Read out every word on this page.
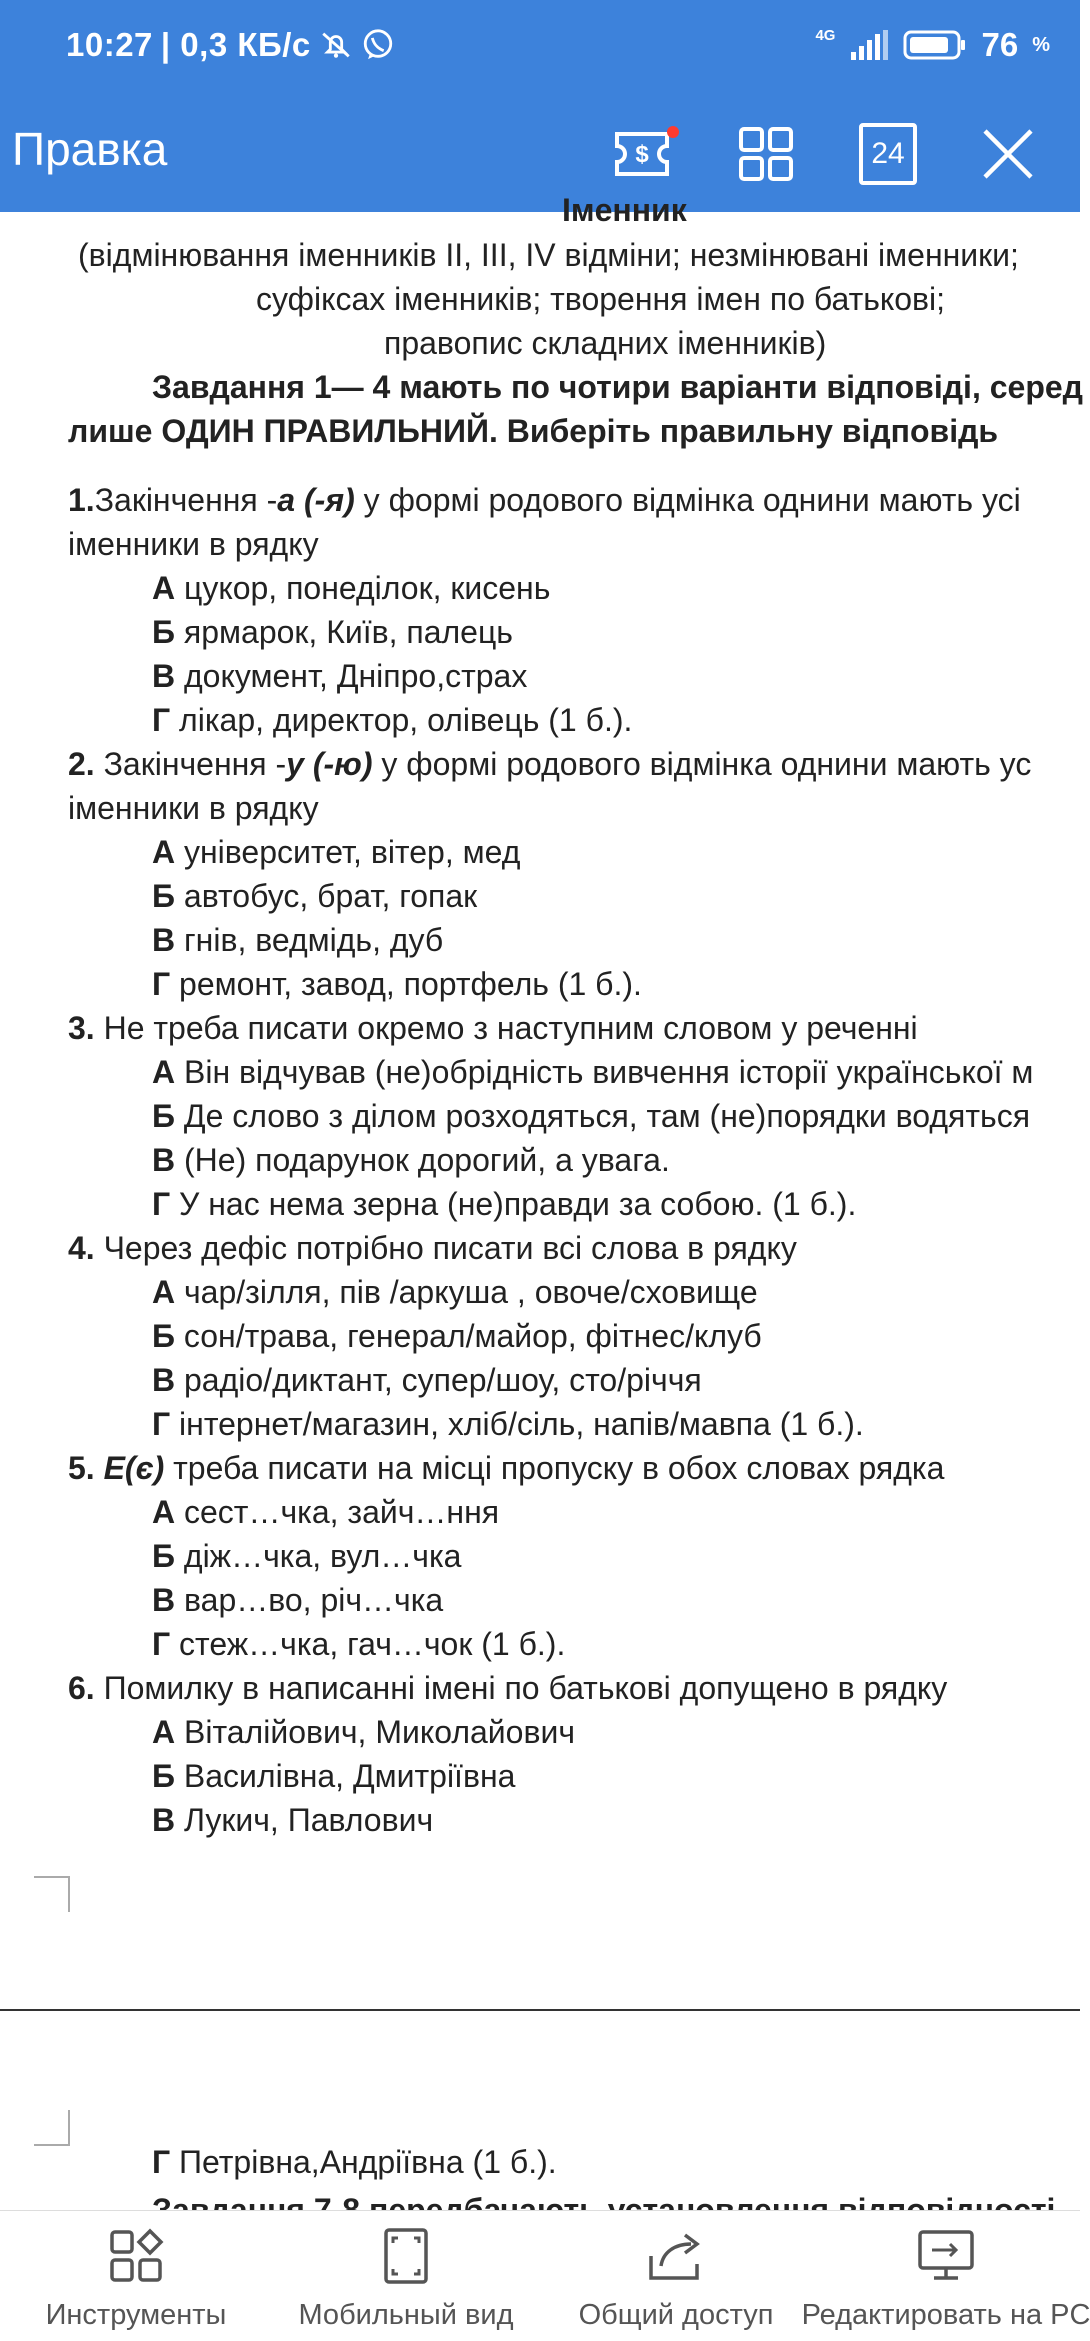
10:27 | 0,3 КБ/с	4G	76 %
Правка	$	24
Іменник
(відмінювання іменників ІІ, ІІІ, IV відміни; незмінювані іменники;
суфіксах іменників; творення імен по батькові;
правопис складних іменників)
Завдання 1— 4 мають по чотири варіанти відповіді, серед
лише ОДИН ПРАВИЛЬНИЙ. Виберіть правильну відповідь
1.Закінчення -а (-я) у формі родового відмінка однини мають усі
іменники в рядку
А цукор, понеділок, кисень
Б ярмарок, Київ, палець
В документ, Дніпро,страх
Г лікар, директор, олівець (1 б.).
2. Закінчення -у (-ю) у формі родового відмінка однини мають ус
іменники в рядку
А університет, вітер, мед
Б автобус, брат, гопак
В гнів, ведмідь, дуб
Г ремонт, завод, портфель (1 б.).
3. Не треба писати окремо з наступним словом у реченні
А Він відчував (не)обрідність вивчення історії української м
Б Де слово з ділом розходяться, там (не)порядки водяться
В (Не) подарунок дорогий, а увага.
Г У нас нема зерна (не)правди за собою. (1 б.).
4. Через дефіс потрібно писати всі слова в рядку
А чар/зілля, пів /аркуша , овоче/сховище
Б сон/трава, генерал/майор, фітнес/клуб
В радіо/диктант, супер/шоу, сто/річчя
Г інтернет/магазин, хліб/сіль, напів/мавпа (1 б.).
5. Е(є) треба писати на місці пропуску в обох словах рядка
А сест…чка, зайч…ння
Б діж…чка, вул…чка
В вар…во, річ…чка
Г стеж…чка, гач…чок (1 б.).
6. Помилку в написанні імені по батькові допущено в рядку
А Віталійович, Миколайович
Б Василівна, Дмитріївна
В Лукич, Павлович
Г Петрівна,Андріївна (1 б.).
Инструменты Мобильный вид Общий доступ Редактировать на PC
